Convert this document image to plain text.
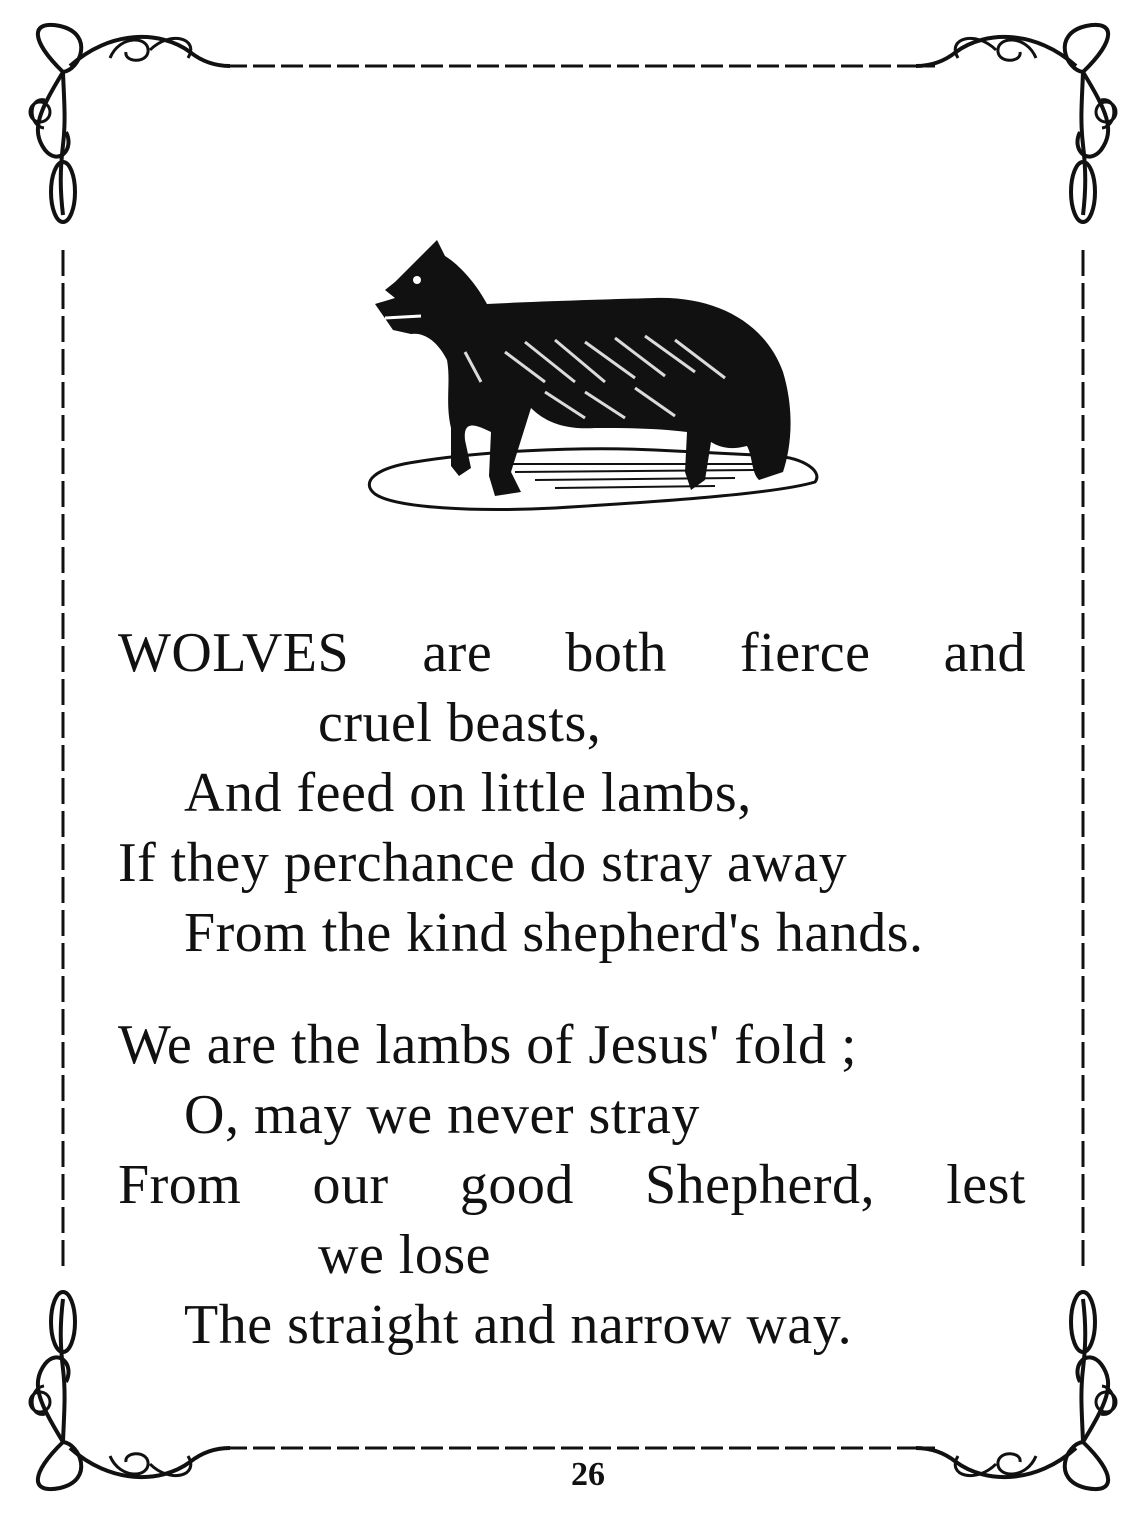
WOLVES are both fierce and
cruel beasts,
And feed on little lambs,
If they perchance do stray away
From the kind shepherd's hands.
We are the lambs of Jesus' fold ;
O, may we never stray
From our good Shepherd, lest
we lose
The straight and narrow way.
26
